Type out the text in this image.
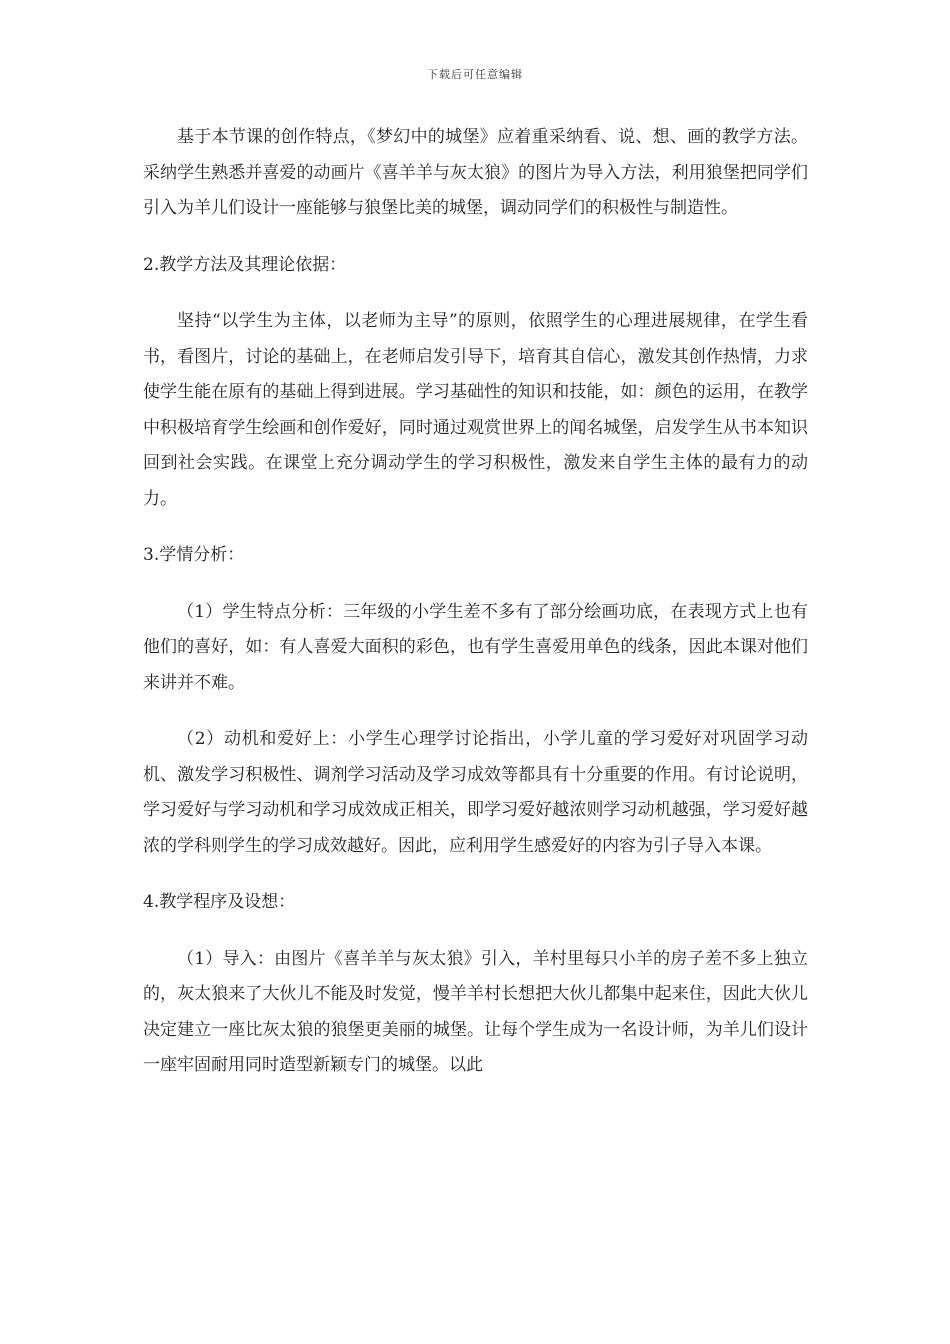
下载后可任意编辑

基于本节课的创作特点，《梦幻中的城堡》应着重采纳看、说、想、画的教学方法。采纳学生熟悉并喜爱的动画片《喜羊羊与灰太狼》的图片为导入方法，利用狼堡把同学们引入为羊儿们设计一座能够与狼堡比美的城堡，调动同学们的积极性与制造性。

2.教学方法及其理论依据：

坚持“以学生为主体，以老师为主导”的原则，依照学生的心理进展规律，在学生看书，看图片，讨论的基础上，在老师启发引导下，培育其自信心，激发其创作热情，力求使学生能在原有的基础上得到进展。学习基础性的知识和技能，如：颜色的运用，在教学中积极培育学生绘画和创作爱好，同时通过观赏世界上的闻名城堡，启发学生从书本知识回到社会实践。在课堂上充分调动学生的学习积极性，激发来自学生主体的最有力的动力。

3.学情分析：

（1）学生特点分析：三年级的小学生差不多有了部分绘画功底，在表现方式上也有他们的喜好，如：有人喜爱大面积的彩色，也有学生喜爱用单色的线条，因此本课对他们来讲并不难。

（2）动机和爱好上：小学生心理学讨论指出，小学儿童的学习爱好对巩固学习动机、激发学习积极性、调剂学习活动及学习成效等都具有十分重要的作用。有讨论说明，学习爱好与学习动机和学习成效成正相关，即学习爱好越浓则学习动机越强，学习爱好越浓的学科则学生的学习成效越好。因此，应利用学生感爱好的内容为引子导入本课。

4.教学程序及设想：

（1）导入：由图片《喜羊羊与灰太狼》引入，羊村里每只小羊的房子差不多上独立的，灰太狼来了大伙儿不能及时发觉，慢羊羊村长想把大伙儿都集中起来住，因此大伙儿决定建立一座比灰太狼的狼堡更美丽的城堡。让每个学生成为一名设计师，为羊儿们设计一座牢固耐用同时造型新颖专门的城堡。以此
